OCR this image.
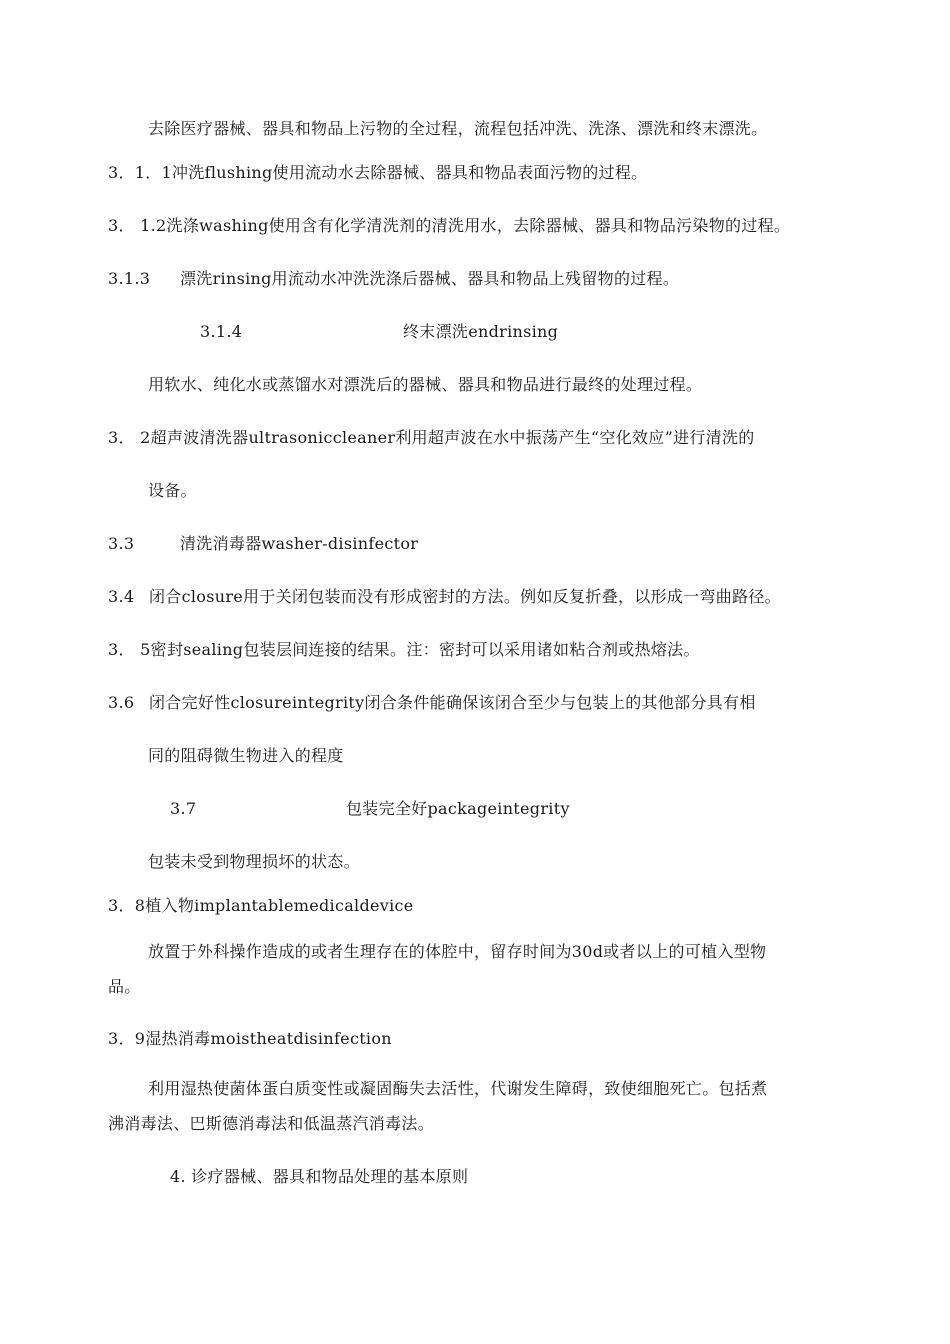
去除医疗器械、器具和物品上污物的全过程，流程包括冲洗、洗涤、漂洗和终末漂洗。
3．1．1冲洗flushing使用流动水去除器械、器具和物品表面污物的过程。
3． 1.2洗涤washing使用含有化学清洗剂的清洗用水，去除器械、器具和物品污染物的过程。
3.1.3 漂洗rinsing用流动水冲洗洗涤后器械、器具和物品上残留物的过程。
3.1.4	终末漂洗endrinsing
用软水、纯化水或蒸馏水对漂洗后的器械、器具和物品进行最终的处理过程。
3． 2超声波清洗器ultrasoniccleaner利用超声波在水中振荡产生“空化效应”进行清洗的
设备。
3.3	清洗消毒器washer-disinfector
3.4 闭合closure用于关闭包装而没有形成密封的方法。例如反复折叠，以形成一弯曲路径。
3． 5密封sealing包装层间连接的结果。注：密封可以采用诸如粘合剂或热熔法。
3.6 闭合完好性closureintegrity闭合条件能确保该闭合至少与包装上的其他部分具有相
同的阻碍微生物进入的程度
3.7	包装完全好packageintegrity
包装未受到物理损坏的状态。
3．8植入物implantablemedicaldevice
放置于外科操作造成的或者生理存在的体腔中，留存时间为30d或者以上的可植入型物
品。
3．9湿热消毒moistheatdisinfection
利用湿热使菌体蛋白质变性或凝固酶失去活性，代谢发生障碍，致使细胞死亡。包括煮
沸消毒法、巴斯德消毒法和低温蒸汽消毒法。
4. 诊疗器械、器具和物品处理的基本原则
